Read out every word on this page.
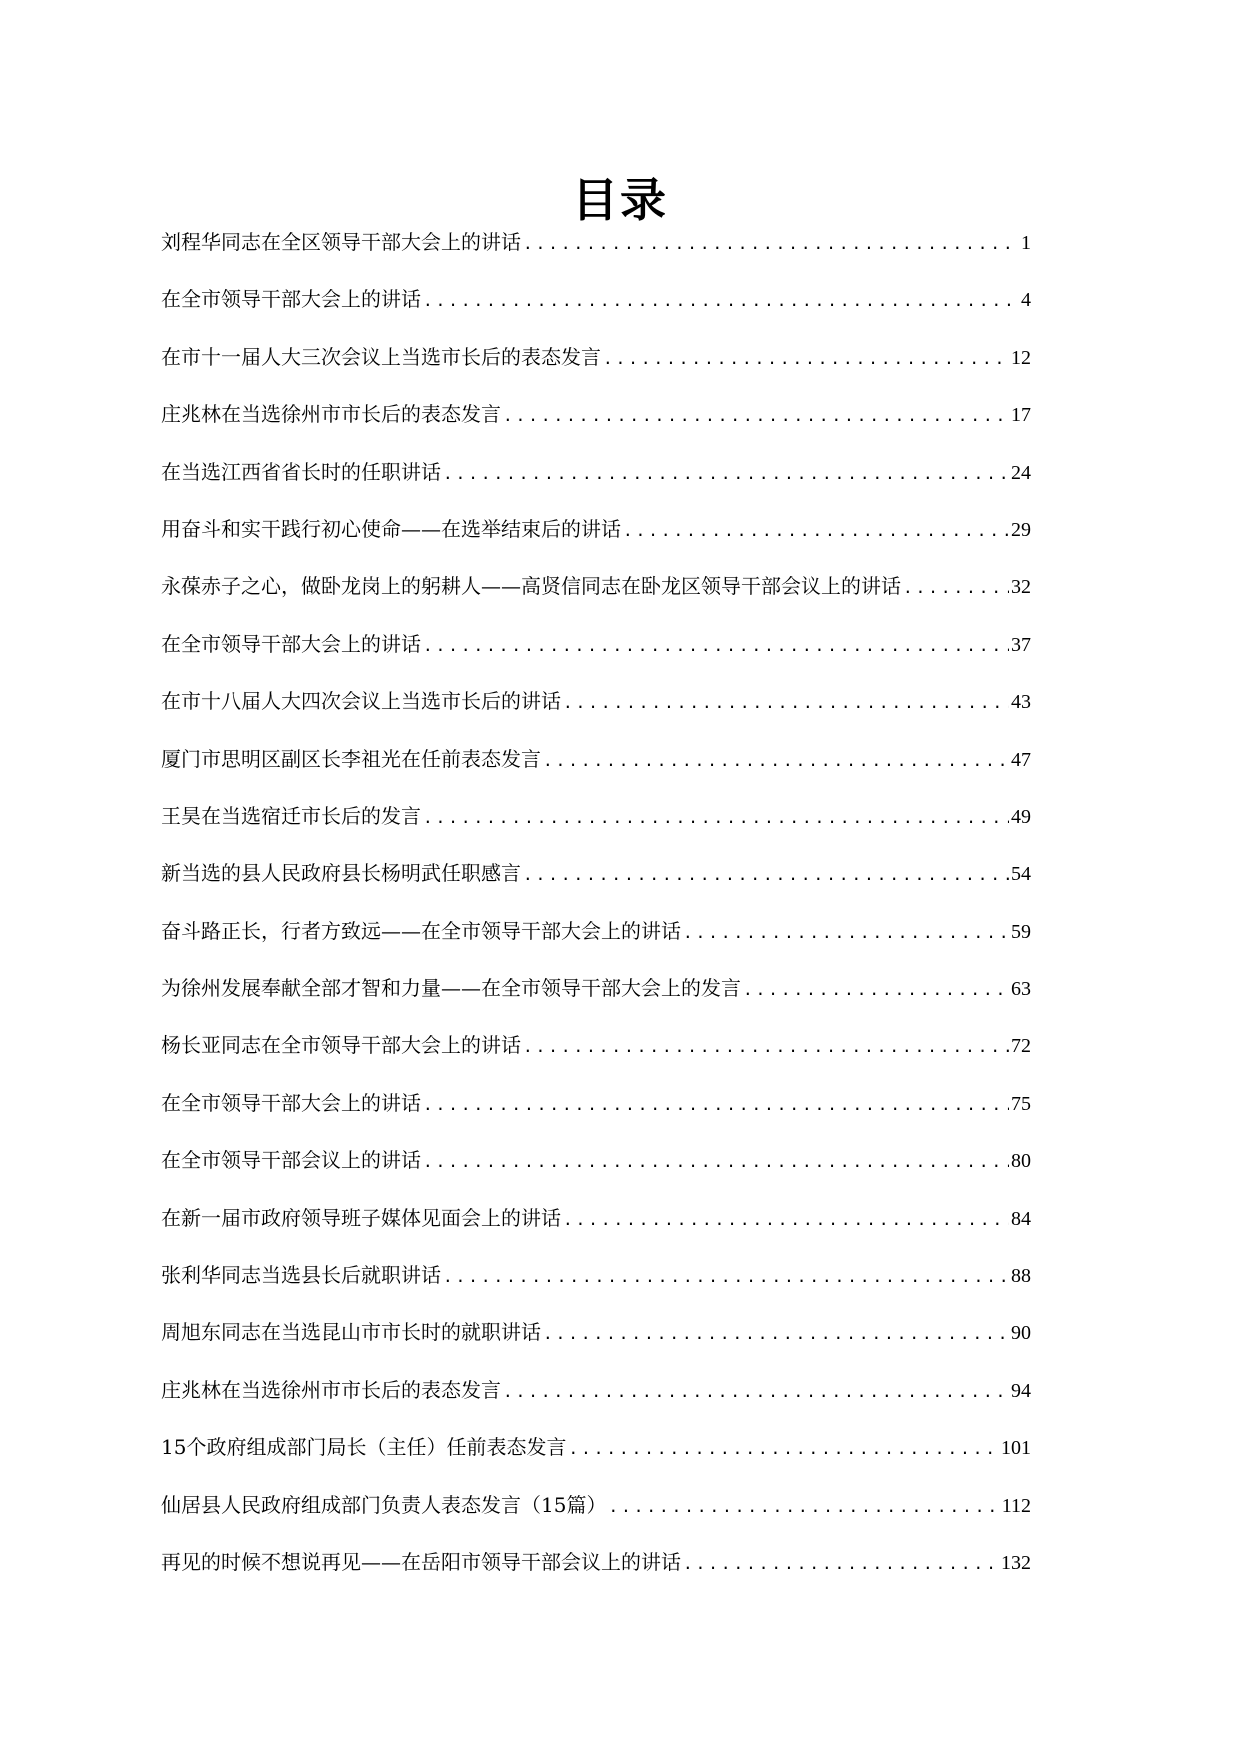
目录
刘程华同志在全区领导干部大会上的讲话 .....	1
在全市领导干部大会上的讲话 .....	4
在市十一届人大三次会议上当选市长后的表态发言 .....	12
庄兆林在当选徐州市市长后的表态发言 .....	17
在当选江西省省长时的任职讲话 .....	24
用奋斗和实干践行初心使命——在选举结束后的讲话 .....	29
永葆赤子之心，做卧龙岗上的躬耕人——高贤信同志在卧龙区领导干部会议上的讲话 .....	32
在全市领导干部大会上的讲话 .....	37
在市十八届人大四次会议上当选市长后的讲话 .....	43
厦门市思明区副区长李祖光在任前表态发言 .....	47
王昊在当选宿迁市长后的发言 .....	49
新当选的县人民政府县长杨明武任职感言 .....	54
奋斗路正长，行者方致远——在全市领导干部大会上的讲话 .....	59
为徐州发展奉献全部才智和力量——在全市领导干部大会上的发言 .....	63
杨长亚同志在全市领导干部大会上的讲话 .....	72
在全市领导干部大会上的讲话 .....	75
在全市领导干部会议上的讲话 .....	80
在新一届市政府领导班子媒体见面会上的讲话 .....	84
张利华同志当选县长后就职讲话 .....	88
周旭东同志在当选昆山市市长时的就职讲话 .....	90
庄兆林在当选徐州市市长后的表态发言 .....	94
15个政府组成部门局长（主任）任前表态发言 .....	101
仙居县人民政府组成部门负责人表态发言（15篇） .....	112
再见的时候不想说再见——在岳阳市领导干部会议上的讲话 .....	132
